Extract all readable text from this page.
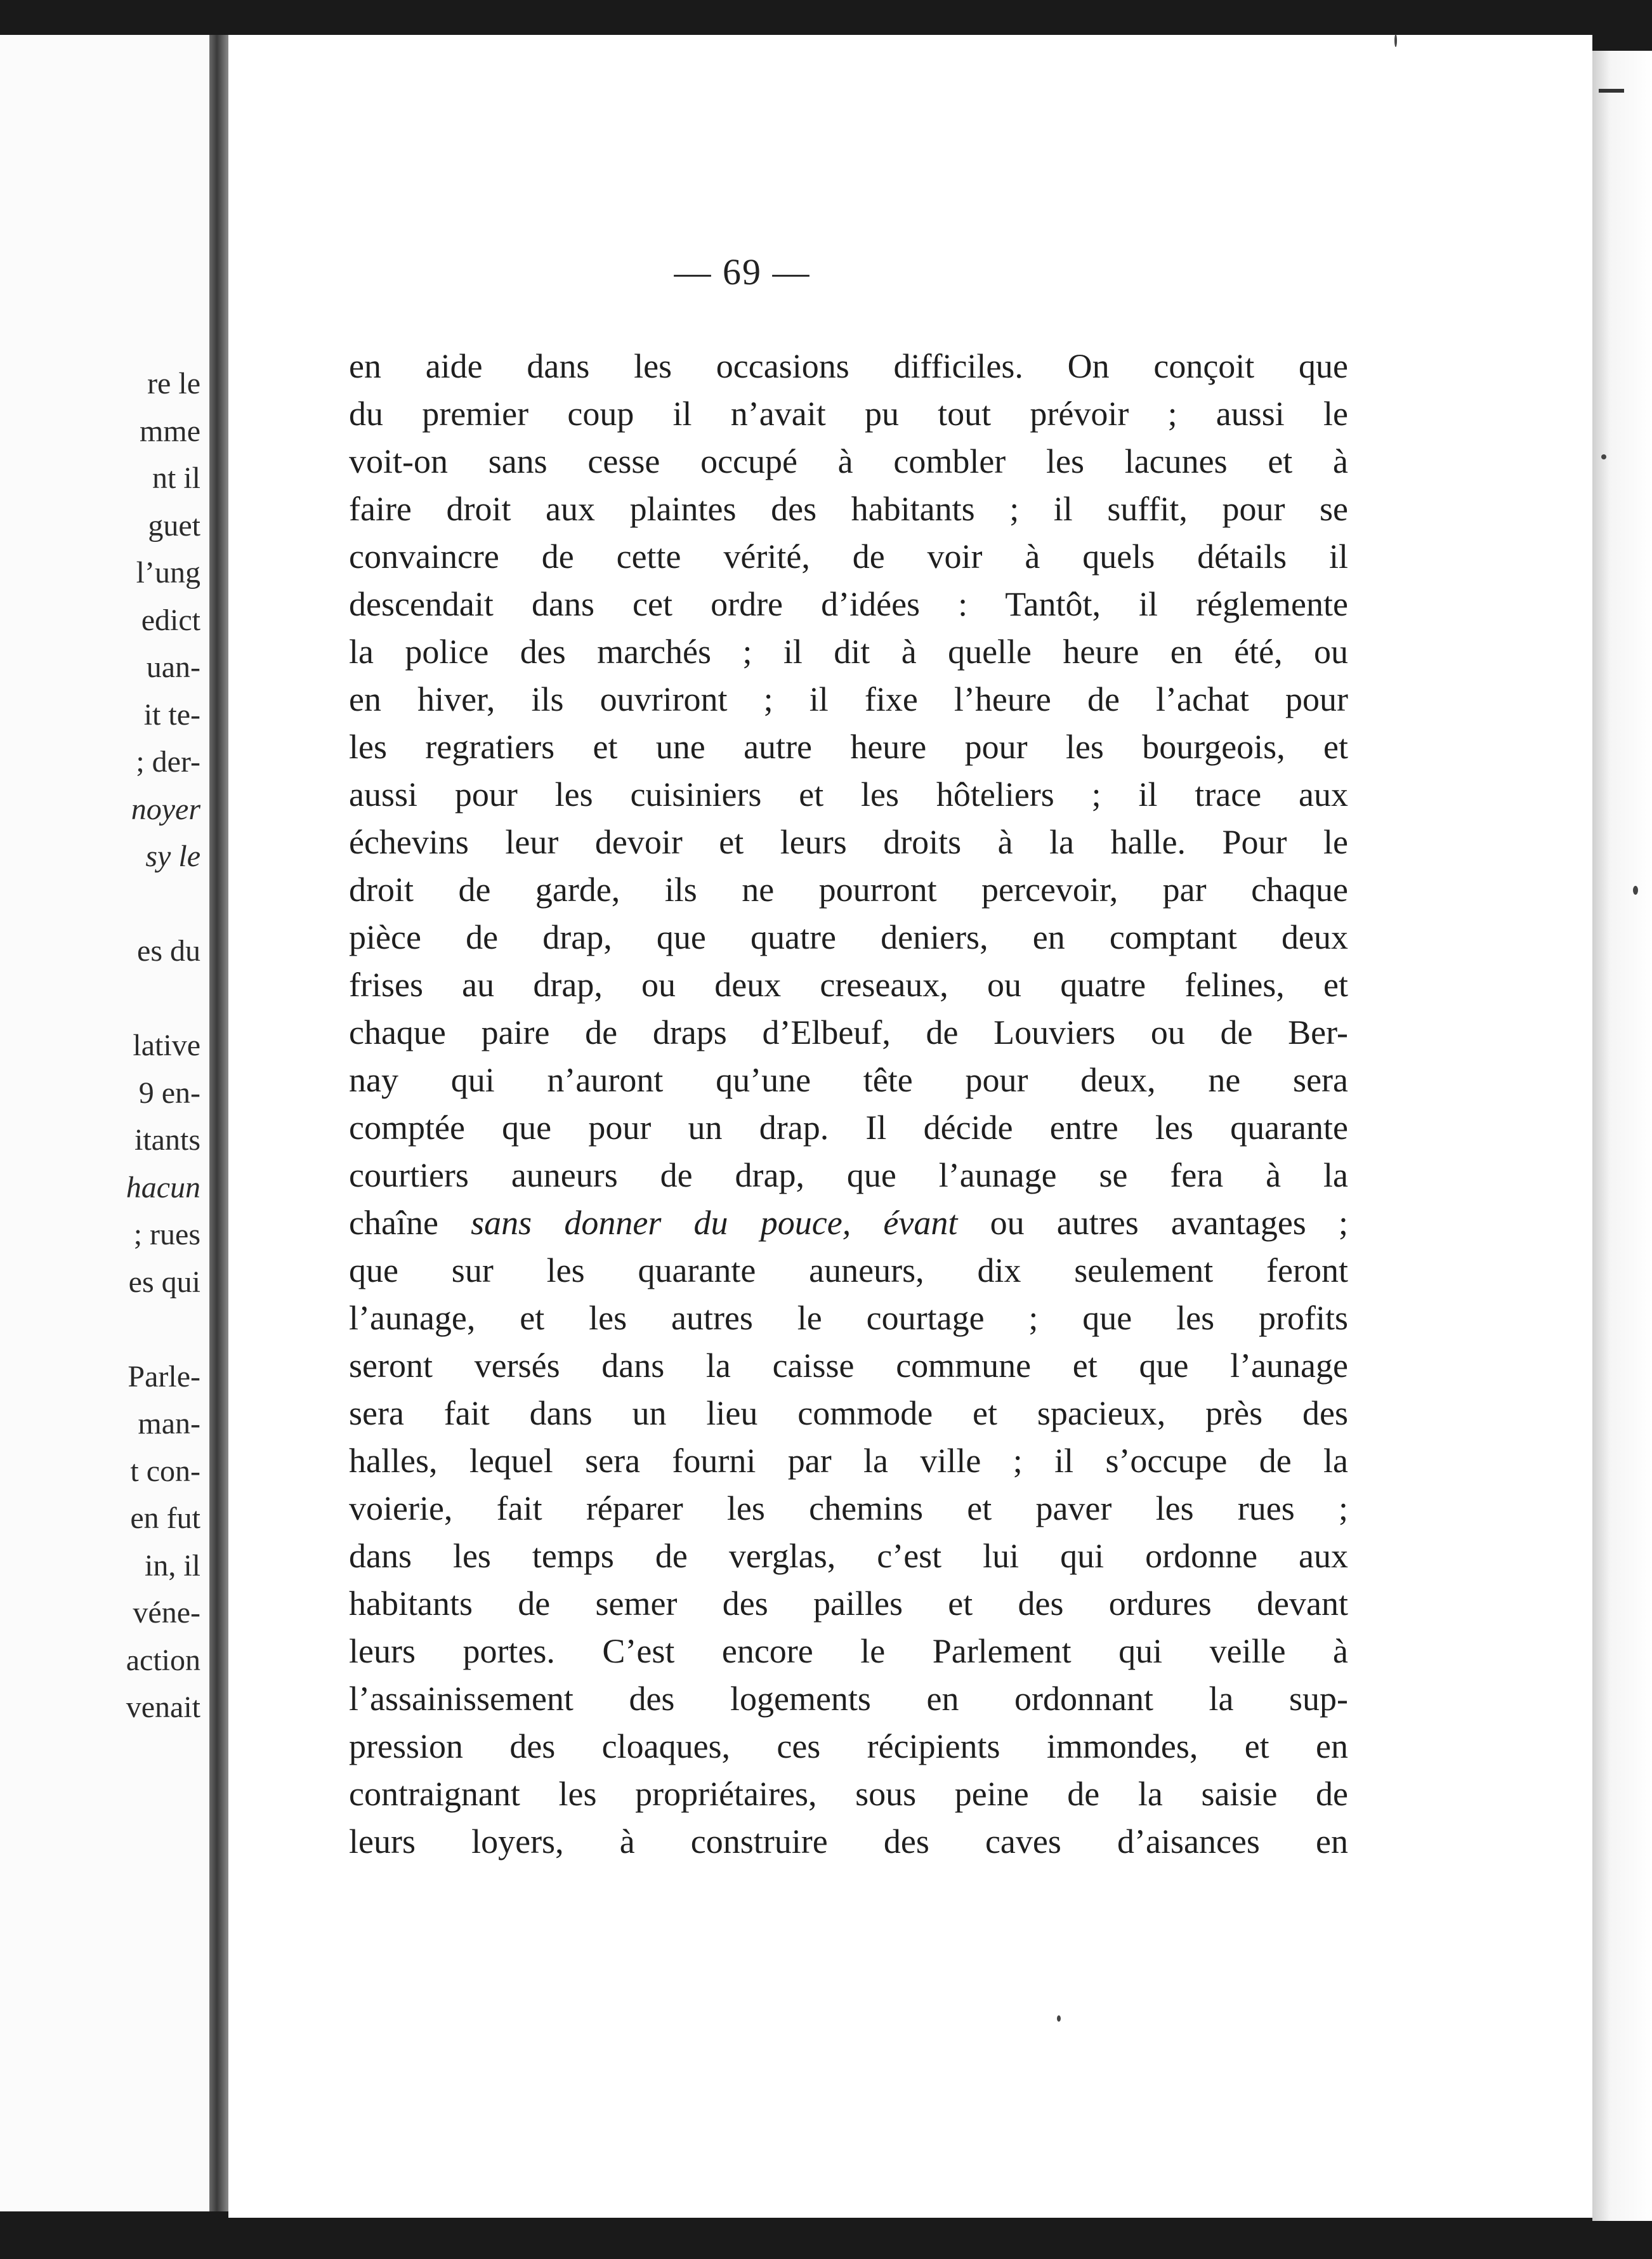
re le
mme
nt il
guet
l’ung
edict
uan-
it te-
; der-
noyer
sy le
es du
lative
9 en-
itants
hacun
; rues
es qui
Parle-
man-
t con-
en fut
in, il
véne-
action
venait
— 69 —
en aide dans les occasions difficiles. On conçoit que
du premier coup il n’avait pu tout prévoir ; aussi le
voit-on sans cesse occupé à combler les lacunes et à
faire droit aux plaintes des habitants ; il suffit, pour se
convaincre de cette vérité, de voir à quels détails il
descendait dans cet ordre d’idées : Tantôt, il réglemente
la police des marchés ; il dit à quelle heure en été, ou
en hiver, ils ouvriront ; il fixe l’heure de l’achat pour
les regratiers et une autre heure pour les bourgeois, et
aussi pour les cuisiniers et les hôteliers ; il trace aux
échevins leur devoir et leurs droits à la halle. Pour le
droit de garde, ils ne pourront percevoir, par chaque
pièce de drap, que quatre deniers, en comptant deux
frises au drap, ou deux creseaux, ou quatre felines, et
chaque paire de draps d’Elbeuf, de Louviers ou de Ber-
nay qui n’auront qu’une tête pour deux, ne sera
comptée que pour un drap. Il décide entre les quarante
courtiers auneurs de drap, que l’aunage se fera à la
chaîne sans donner du pouce, évant ou autres avantages ;
que sur les quarante auneurs, dix seulement feront
l’aunage, et les autres le courtage ; que les profits
seront versés dans la caisse commune et que l’aunage
sera fait dans un lieu commode et spacieux, près des
halles, lequel sera fourni par la ville ; il s’occupe de la
voierie, fait réparer les chemins et paver les rues ;
dans les temps de verglas, c’est lui qui ordonne aux
habitants de semer des pailles et des ordures devant
leurs portes. C’est encore le Parlement qui veille à
l’assainissement des logements en ordonnant la sup-
pression des cloaques, ces récipients immondes, et en
contraignant les propriétaires, sous peine de la saisie de
leurs loyers, à construire des caves d’aisances en
